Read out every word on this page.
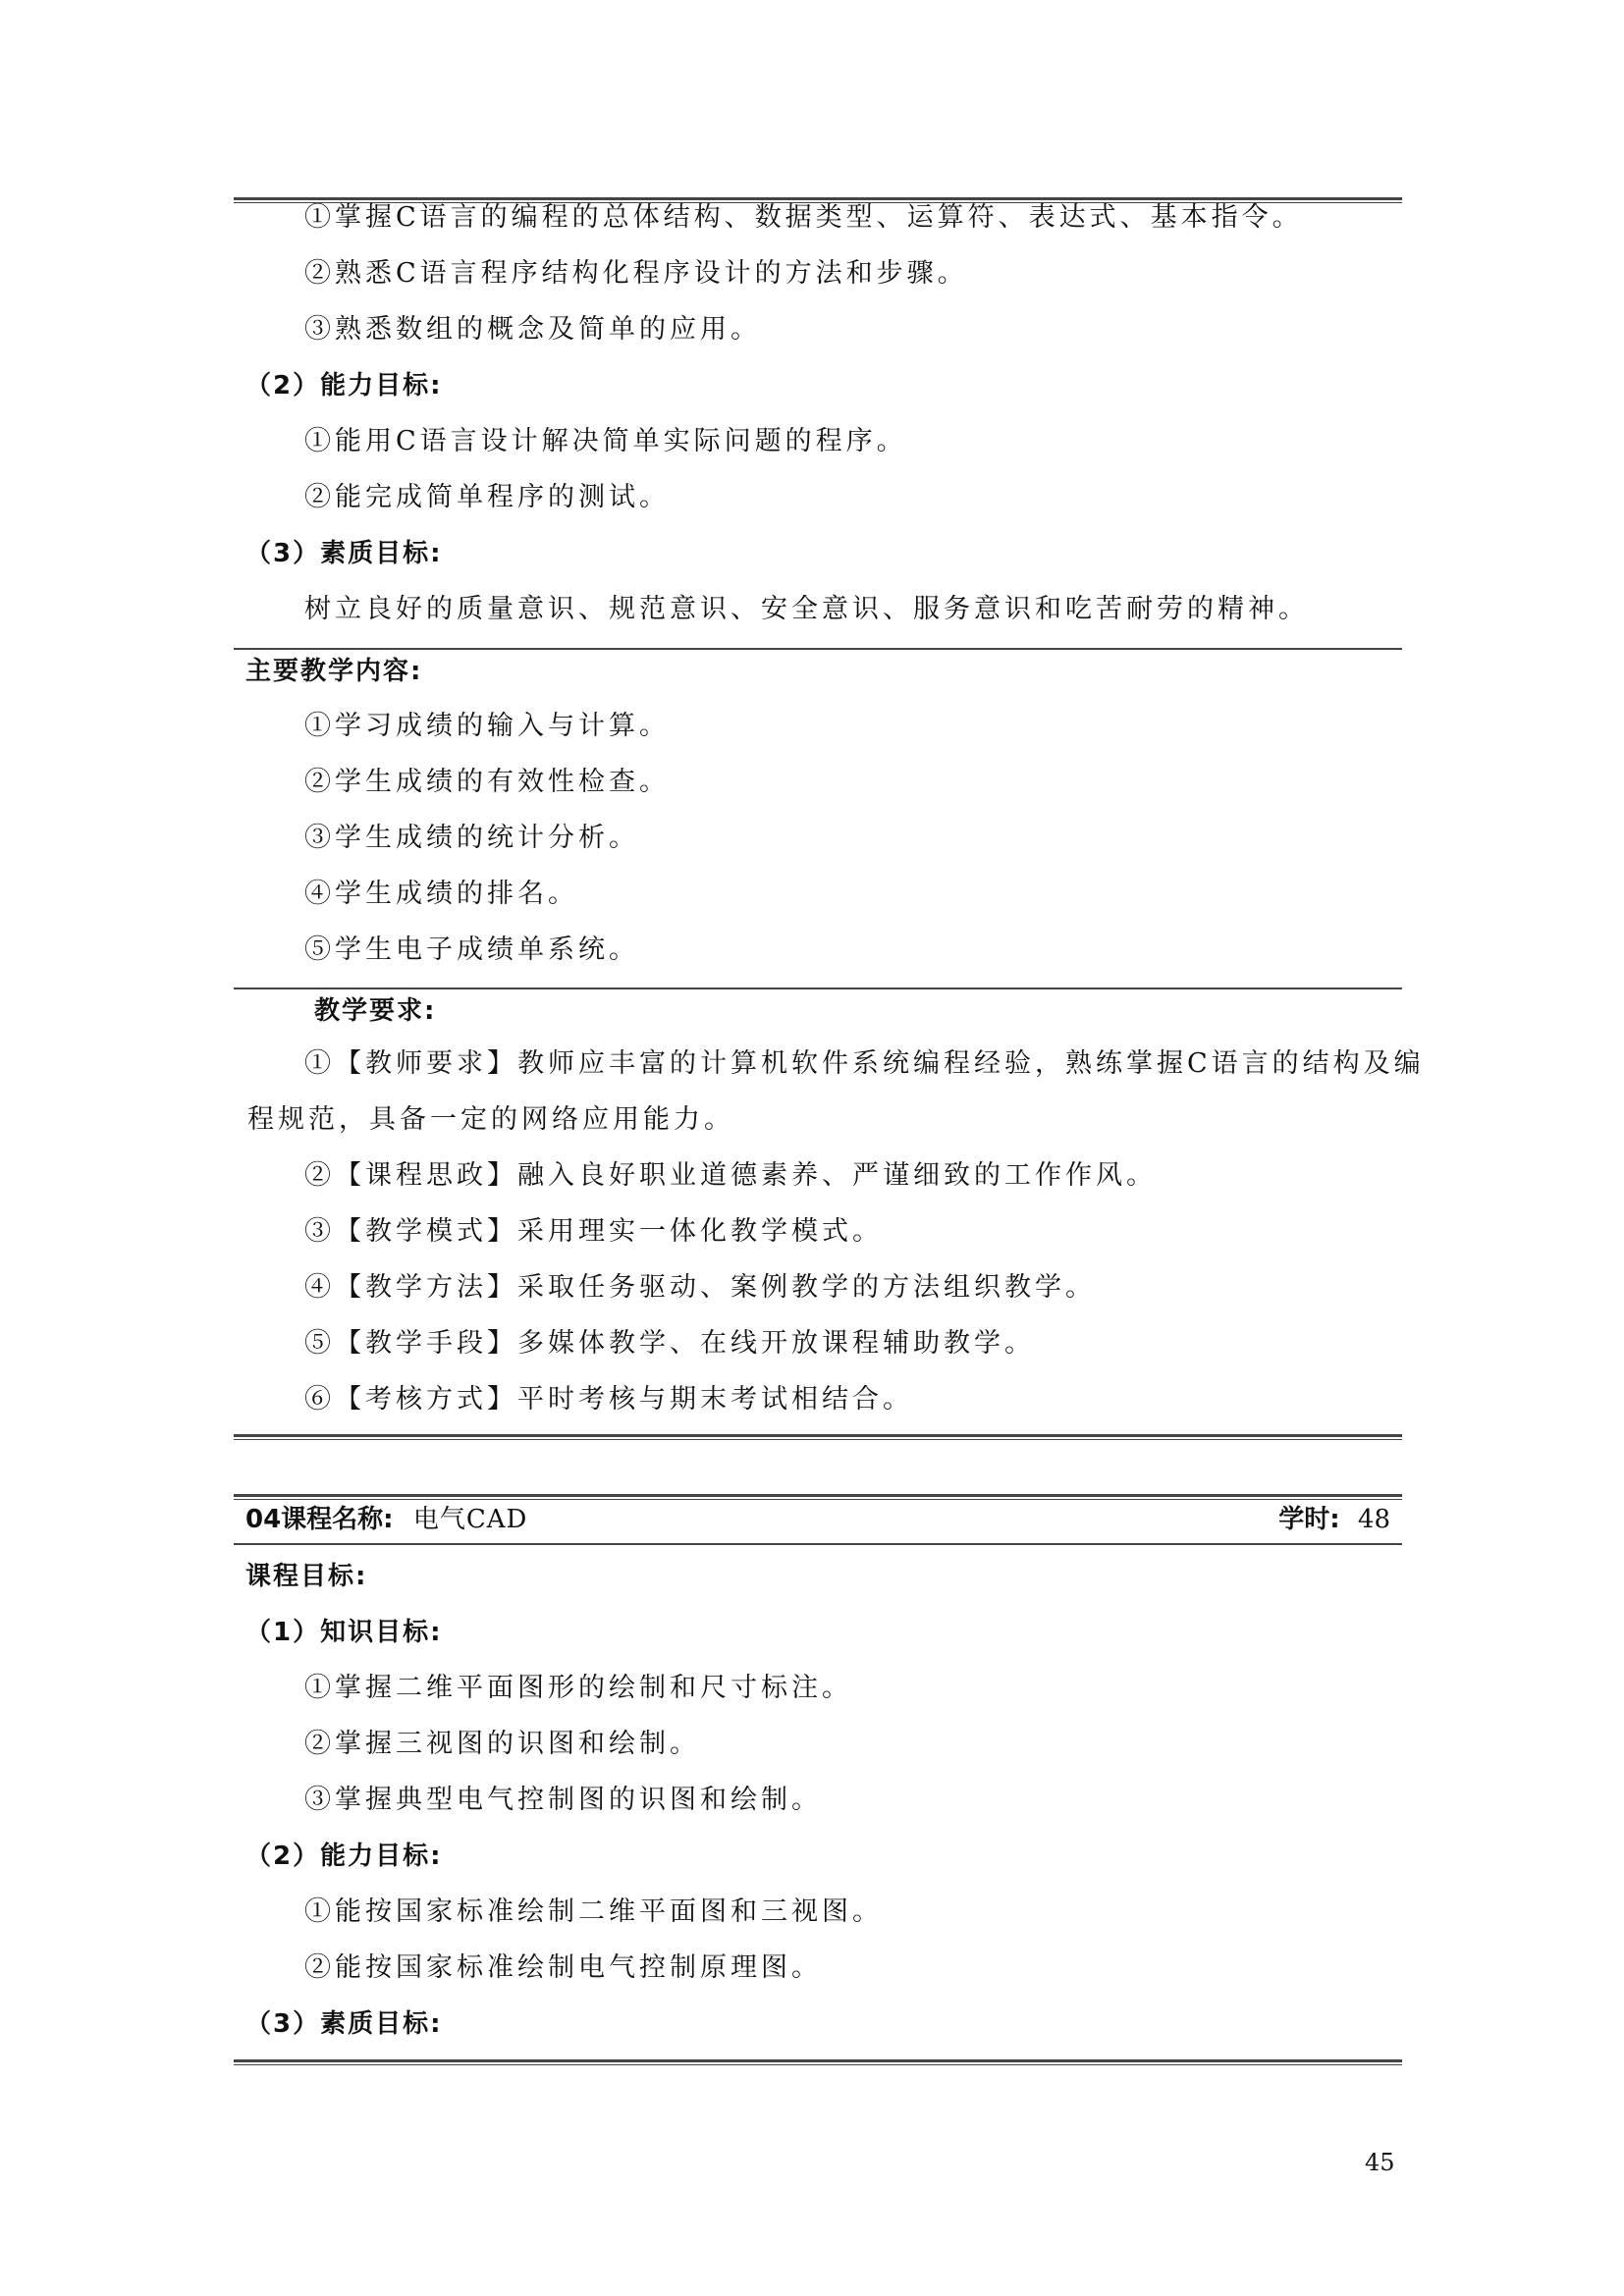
①掌握C语言的编程的总体结构、数据类型、运算符、表达式、基本指令。
②熟悉C语言程序结构化程序设计的方法和步骤。
③熟悉数组的概念及简单的应用。
（2）能力目标:
①能用C语言设计解决简单实际问题的程序。
②能完成简单程序的测试。
（3）素质目标:
树立良好的质量意识、规范意识、安全意识、服务意识和吃苦耐劳的精神。
主要教学内容:
①学习成绩的输入与计算。
②学生成绩的有效性检查。
③学生成绩的统计分析。
④学生成绩的排名。
⑤学生电子成绩单系统。
教学要求:
①【教师要求】教师应丰富的计算机软件系统编程经验，熟练掌握C语言的结构及编
程规范，具备一定的网络应用能力。
②【课程思政】融入良好职业道德素养、严谨细致的工作作风。
③【教学模式】采用理实一体化教学模式。
④【教学方法】采取任务驱动、案例教学的方法组织教学。
⑤【教学手段】多媒体教学、在线开放课程辅助教学。
⑥【考核方式】平时考核与期末考试相结合。
04课程名称: 电气CAD	学时: 48
课程目标:
（1）知识目标:
①掌握二维平面图形的绘制和尺寸标注。
②掌握三视图的识图和绘制。
③掌握典型电气控制图的识图和绘制。
（2）能力目标:
①能按国家标准绘制二维平面图和三视图。
②能按国家标准绘制电气控制原理图。
（3）素质目标:
45
